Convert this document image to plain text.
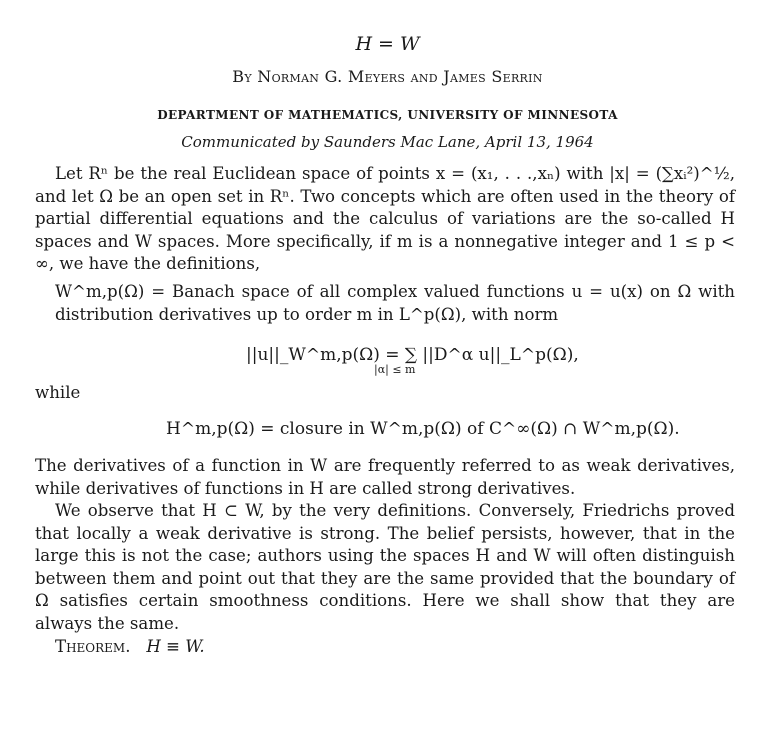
H = W
By Norman G. Meyers and James Serrin
DEPARTMENT OF MATHEMATICS, UNIVERSITY OF MINNESOTA
Communicated by Saunders Mac Lane, April 13, 1964

Let Rⁿ be the real Euclidean space of points x = (x₁, . . .,xₙ) with |x| = (∑xᵢ²)^½, and let Ω be an open set in Rⁿ. Two concepts which are often used in the theory of partial differential equations and the calculus of variations are the so-called H spaces and W spaces. More specifically, if m is a nonnegative integer and 1 ≤ p < ∞, we have the definitions,

W^m,p(Ω) = Banach space of all complex valued functions u = u(x) on Ω with distribution derivatives up to order m in L^p(Ω), with norm

||u||_W^m,p(Ω) = ∑ ||D^α u||_L^p(Ω),
|α| ≤ m
while
H^m,p(Ω) = closure in W^m,p(Ω) of C^∞(Ω) ∩ W^m,p(Ω).

The derivatives of a function in W are frequently referred to as weak derivatives, while derivatives of functions in H are called strong derivatives.

We observe that H ⊂ W, by the very definitions. Conversely, Friedrichs proved that locally a weak derivative is strong. The belief persists, however, that in the large this is not the case; authors using the spaces H and W will often distinguish between them and point out that they are the same provided that the boundary of Ω satisfies certain smoothness conditions. Here we shall show that they are always the same.

Theorem. H ≡ W.
